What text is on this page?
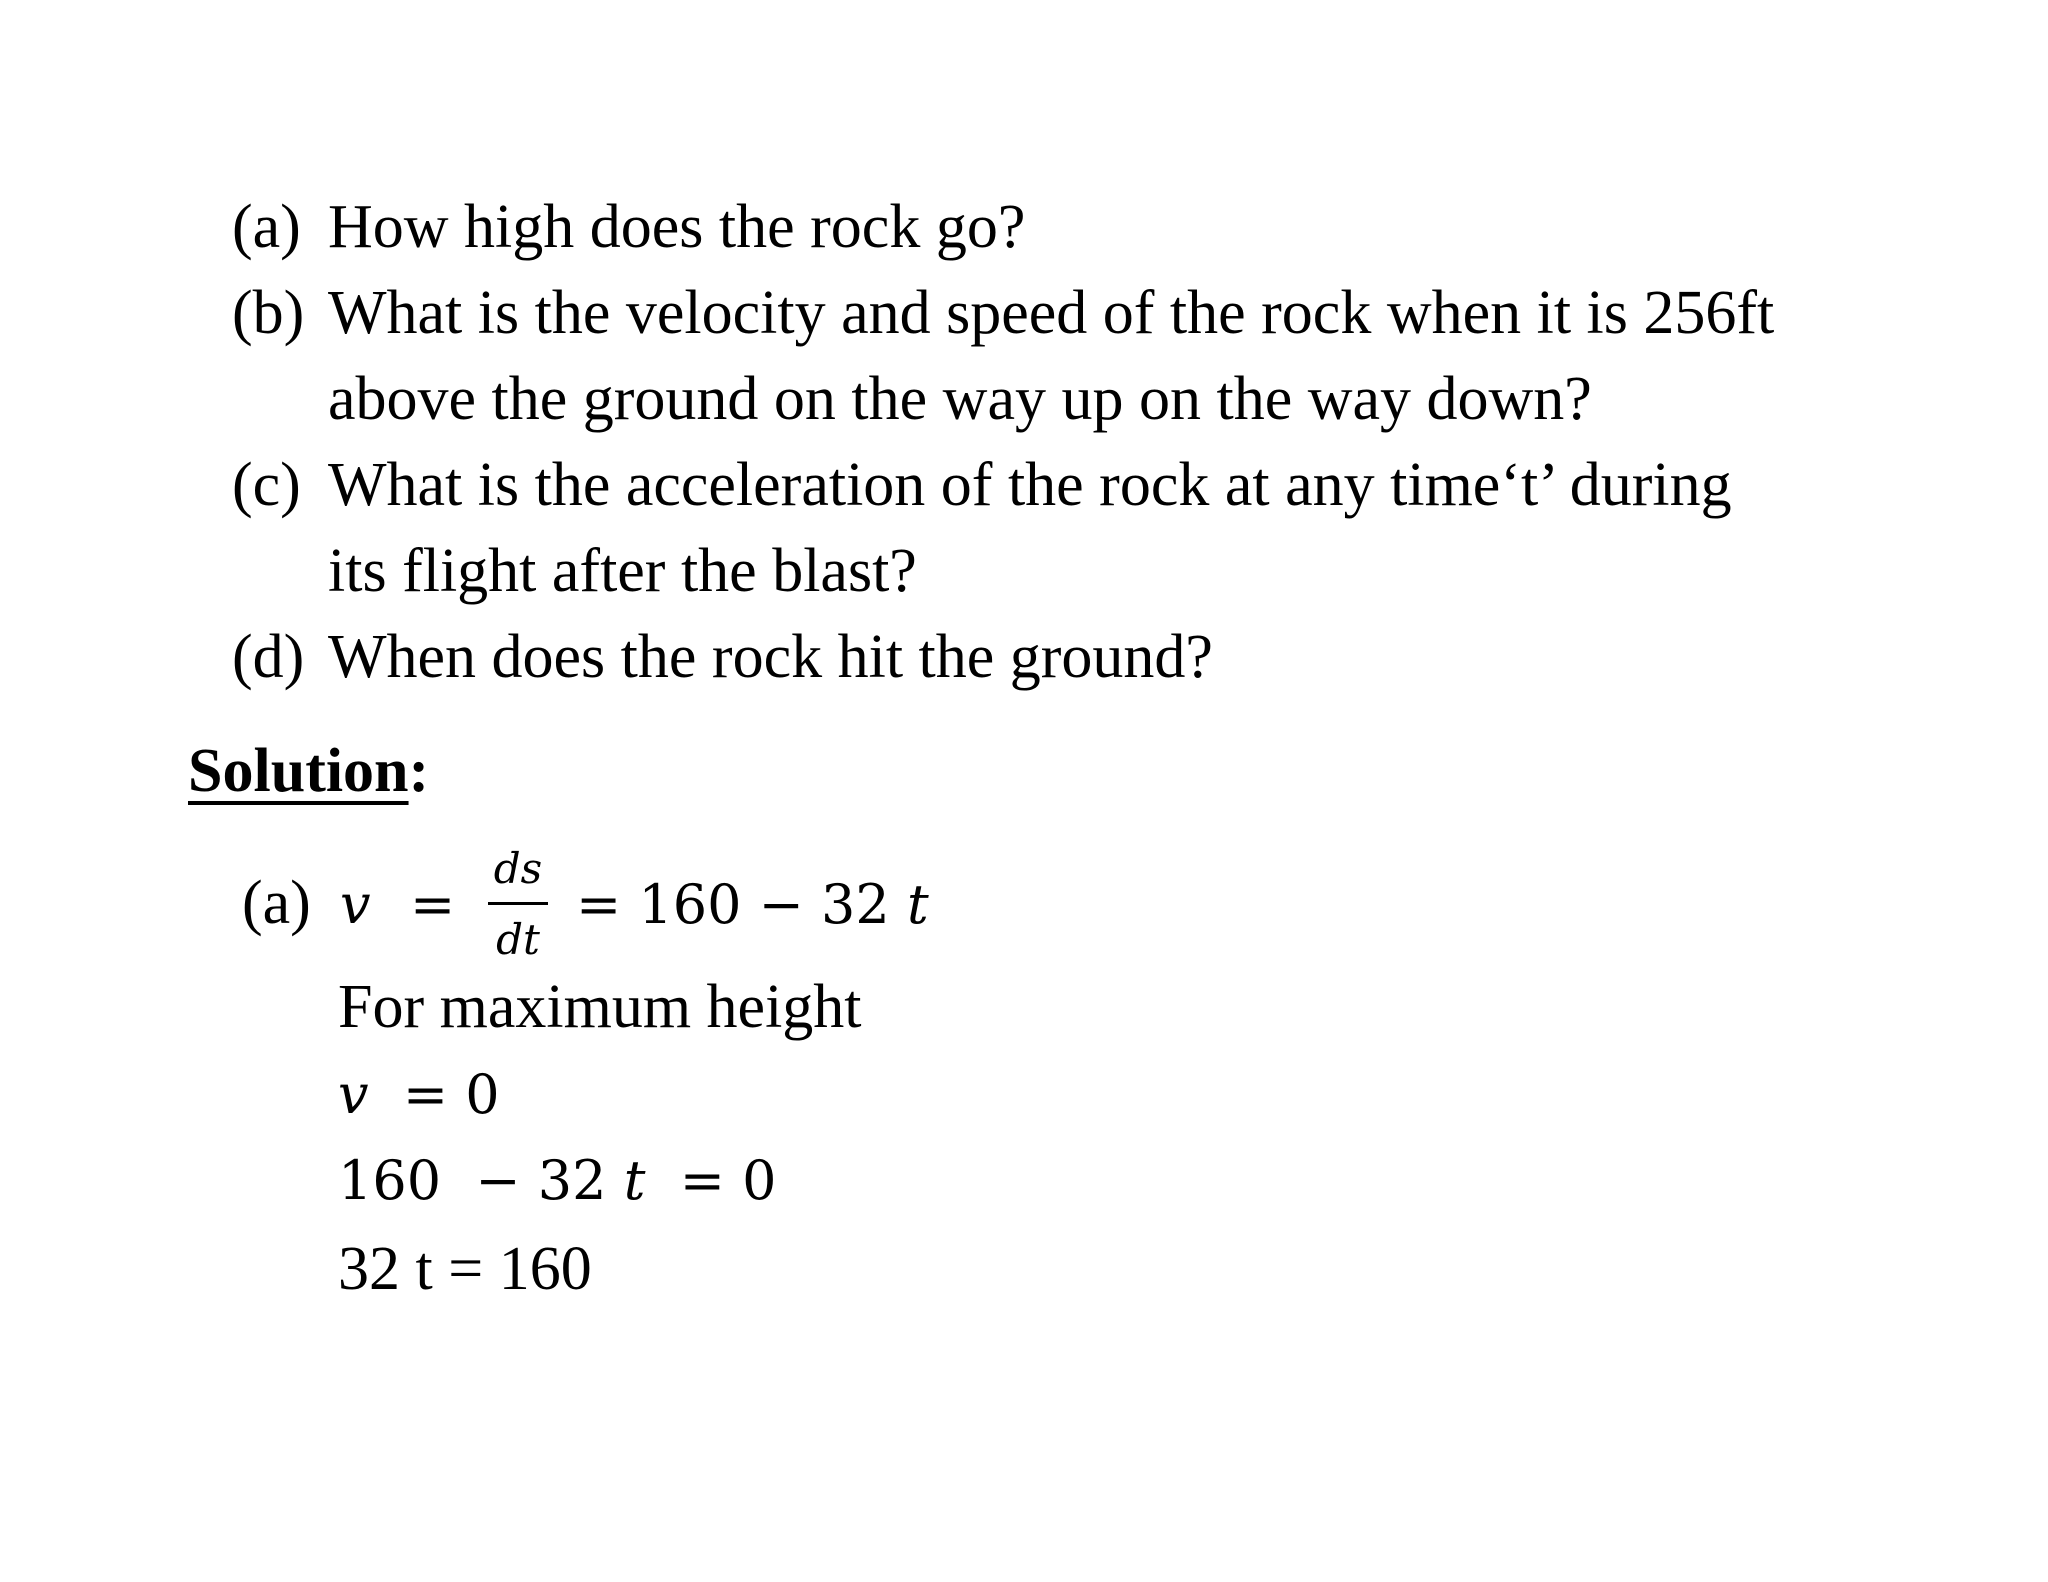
(a) How high does the rock go?
(b) What is the velocity and speed of the rock when it is 256ft
above the ground on the way up on the way down?
(c) What is the acceleration of the rock at any time‘t’ during
its flight after the blast?
(d) When does the rock hit the ground?
Solution:
(a) v =
ds
dt
= 160 − 32 t
For maximum height
v = 0
160  − 32 t = 0
32 t = 160
